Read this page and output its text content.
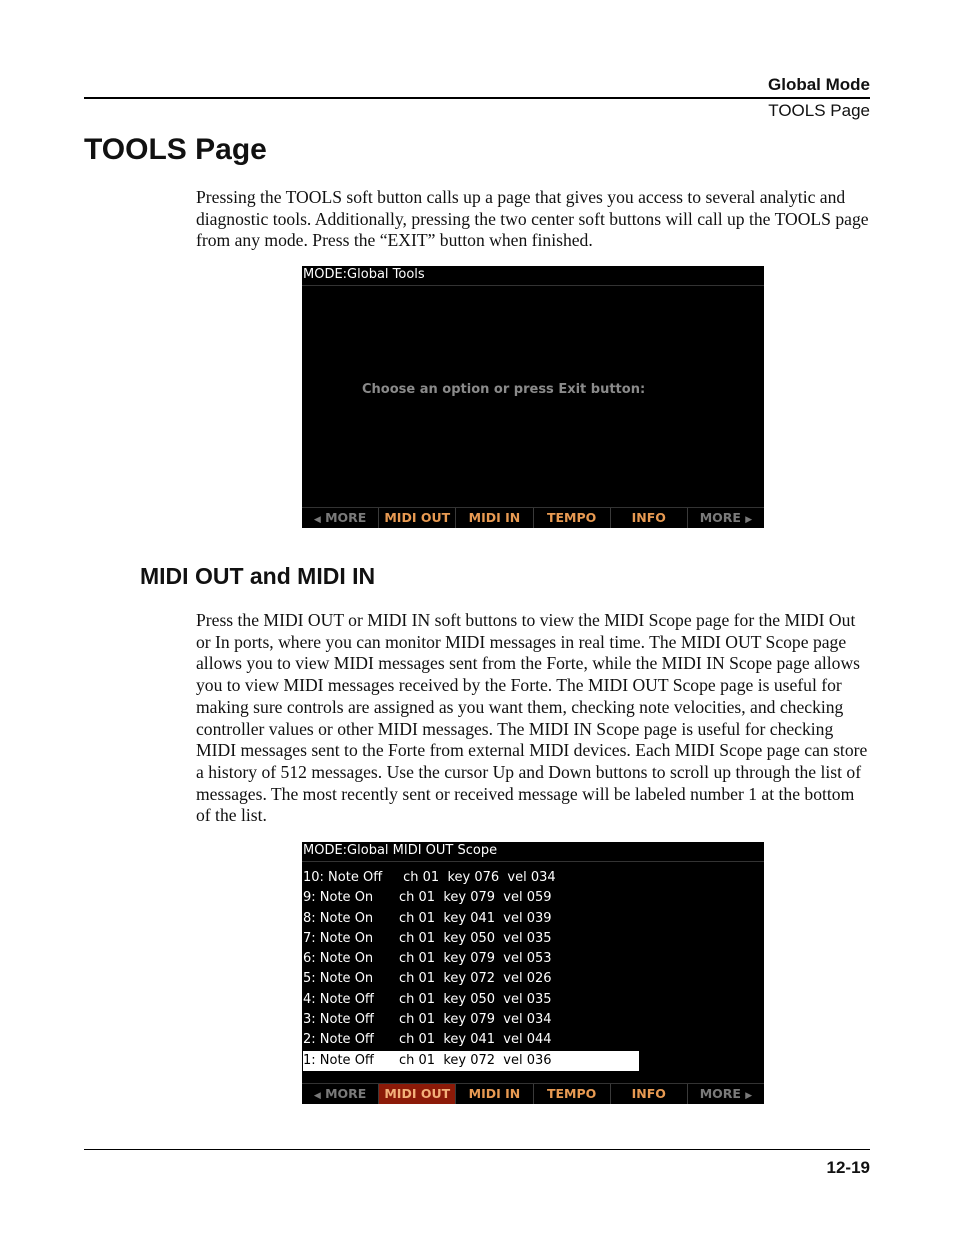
Global Mode
TOOLS Page
TOOLS Page

Pressing the TOOLS soft button calls up a page that gives you access to several analytic and diagnostic tools. Additionally, pressing the two center soft buttons will call up the TOOLS page from any mode. Press the “EXIT” button when finished.

MODE:Global Tools
Choose an option or press Exit button:
◀ MORE	MIDI OUT	MIDI IN	TEMPO	INFO	MORE ▶
MIDI OUT and MIDI IN

Press the MIDI OUT or MIDI IN soft buttons to view the MIDI Scope page for the MIDI Out or In ports, where you can monitor MIDI messages in real time. The MIDI OUT Scope page allows you to view MIDI messages sent from the Forte, while the MIDI IN Scope page allows you to view MIDI messages received by the Forte. The MIDI OUT Scope page is useful for making sure controls are assigned as you want them, checking note velocities, and checking controller values or other MIDI messages. The MIDI IN Scope page is useful for checking MIDI messages sent to the Forte from external MIDI devices. Each MIDI Scope page can store a history of 512 messages. Use the cursor Up and Down buttons to scroll up through the list of messages. The most recently sent or received message will be labeled number 1 at the bottom of the list.

MODE:Global MIDI OUT Scope
10: Note Off ch 01  key 076  vel 034
9: Note On ch 01  key 079  vel 059
8: Note On ch 01  key 041  vel 039
7: Note On ch 01  key 050  vel 035
6: Note On ch 01  key 079  vel 053
5: Note On ch 01  key 072  vel 026
4: Note Off ch 01  key 050  vel 035
3: Note Off ch 01  key 079  vel 034
2: Note Off ch 01  key 041  vel 044
1: Note Off ch 01  key 072  vel 036
◀ MORE	MIDI OUT	MIDI IN	TEMPO	INFO	MORE ▶
12-19
